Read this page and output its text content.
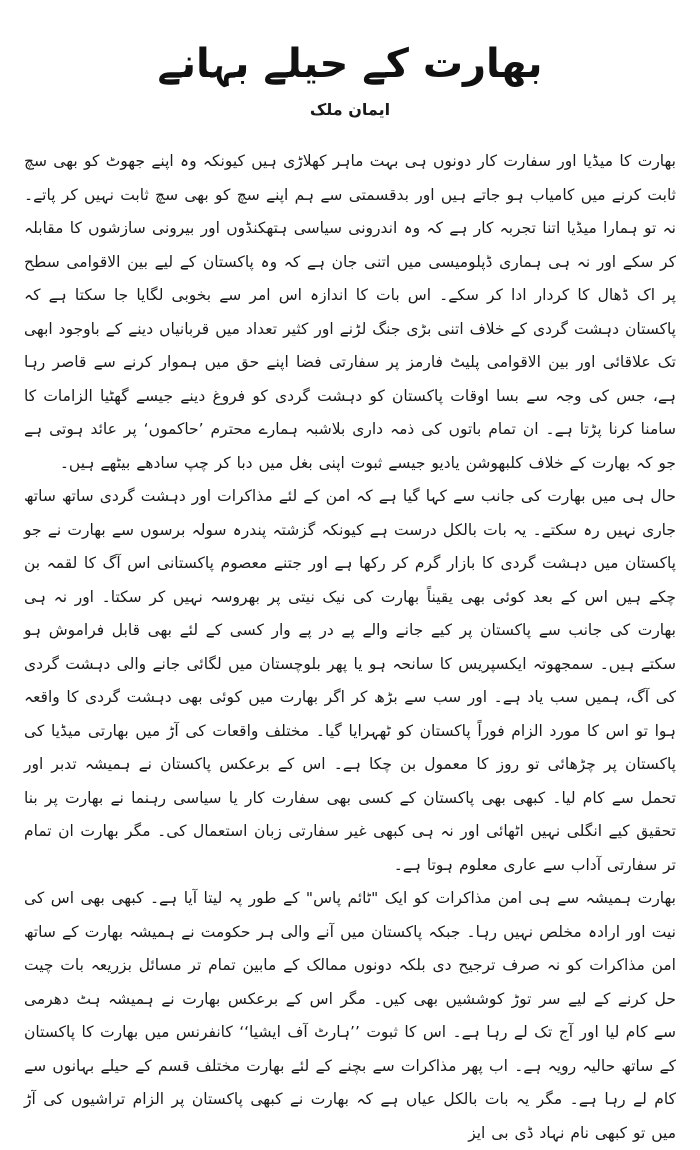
بھارت کے حیلے بہانے
ایمان ملک

بھارت کا میڈیا اور سفارت کار دونوں ہی بہت ماہر کھلاڑی ہیں کیونکہ وہ اپنے جھوٹ کو بھی سچ ثابت کرنے میں کامیاب ہو جاتے ہیں اور بدقسمتی سے ہم اپنے سچ کو بھی سچ ثابت نہیں کر پاتے۔ نہ تو ہمارا میڈیا اتنا تجربہ کار ہے کہ وہ اندرونی سیاسی ہتھکنڈوں اور بیرونی سازشوں کا مقابلہ کر سکے اور نہ ہی ہماری ڈپلومیسی میں اتنی جان ہے کہ وہ پاکستان کے لیے بین الاقوامی سطح پر اک ڈھال کا کردار ادا کر سکے۔ اس بات کا اندازہ اس امر سے بخوبی لگایا جا سکتا ہے کہ پاکستان دہشت گردی کے خلاف اتنی بڑی جنگ لڑنے اور کثیر تعداد میں قربانیاں دینے کے باوجود ابھی تک علاقائی اور بین الاقوامی پلیٹ فارمز پر سفارتی فضا اپنے حق میں ہموار کرنے سے قاصر رہا ہے، جس کی وجہ سے بسا اوقات پاکستان کو دہشت گردی کو فروغ دینے جیسے گھٹیا الزامات کا سامنا کرنا پڑتا ہے۔ ان تمام باتوں کی ذمہ داری بلاشبہ ہمارے محترم ’حاکموں‘ پر عائد ہوتی ہے جو کہ بھارت کے خلاف کلبھوشن یادیو جیسے ثبوت اپنی بغل میں دبا کر چپ سادھے بیٹھے ہیں۔

حال ہی میں بھارت کی جانب سے کہا گیا ہے کہ امن کے لئے مذاکرات اور دہشت گردی ساتھ ساتھ جاری نہیں رہ سکتے۔ یہ بات بالکل درست ہے کیونکہ گزشتہ پندرہ سولہ برسوں سے بھارت نے جو پاکستان میں دہشت گردی کا بازار گرم کر رکھا ہے اور جتنے معصوم پاکستانی اس آگ کا لقمہ بن چکے ہیں اس کے بعد کوئی بھی یقیناً بھارت کی نیک نیتی پر بھروسہ نہیں کر سکتا۔ اور نہ ہی بھارت کی جانب سے پاکستان پر کیے جانے والے پے در پے وار کسی کے لئے بھی قابل فراموش ہو سکتے ہیں۔ سمجھوتہ ایکسپریس کا سانحہ ہو یا پھر بلوچستان میں لگائی جانے والی دہشت گردی کی آگ، ہمیں سب یاد ہے۔ اور سب سے بڑھ کر اگر بھارت میں کوئی بھی دہشت گردی کا واقعہ ہوا تو اس کا مورد الزام فوراً پاکستان کو ٹھہرایا گیا۔ مختلف واقعات کی آڑ میں بھارتی میڈیا کی پاکستان پر چڑھائی تو روز کا معمول بن چکا ہے۔ اس کے برعکس پاکستان نے ہمیشہ تدبر اور تحمل سے کام لیا۔ کبھی بھی پاکستان کے کسی بھی سفارت کار یا سیاسی رہنما نے بھارت پر بنا تحقیق کیے انگلی نہیں اٹھائی اور نہ ہی کبھی غیر سفارتی زبان استعمال کی۔ مگر بھارت ان تمام تر سفارتی آداب سے عاری معلوم ہوتا ہے۔

بھارت ہمیشہ سے ہی امن مذاکرات کو ایک "ٹائم پاس" کے طور پہ لیتا آیا ہے۔ کبھی بھی اس کی نیت اور ارادہ مخلص نہیں رہا۔ جبکہ پاکستان میں آنے والی ہر حکومت نے ہمیشہ بھارت کے ساتھ امن مذاکرات کو نہ صرف ترجیح دی بلکہ دونوں ممالک کے مابین تمام تر مسائل بزریعہ بات چیت حل کرنے کے لیے سر توڑ کوششیں بھی کیں۔ مگر اس کے برعکس بھارت نے ہمیشہ ہٹ دھرمی سے کام لیا اور آج تک لے رہا ہے۔ اس کا ثبوت ’’ہارٹ آف ایشیا‘‘ کانفرنس میں بھارت کا پاکستان کے ساتھ حالیہ رویہ ہے۔ اب پھر مذاکرات سے بچنے کے لئے بھارت مختلف قسم کے حیلے بہانوں سے کام لے رہا ہے۔ مگر یہ بات بالکل عیاں ہے کہ بھارت نے کبھی پاکستان پر الزام تراشیوں کی آڑ میں تو کبھی نام نہاد ڈی بی ایز
